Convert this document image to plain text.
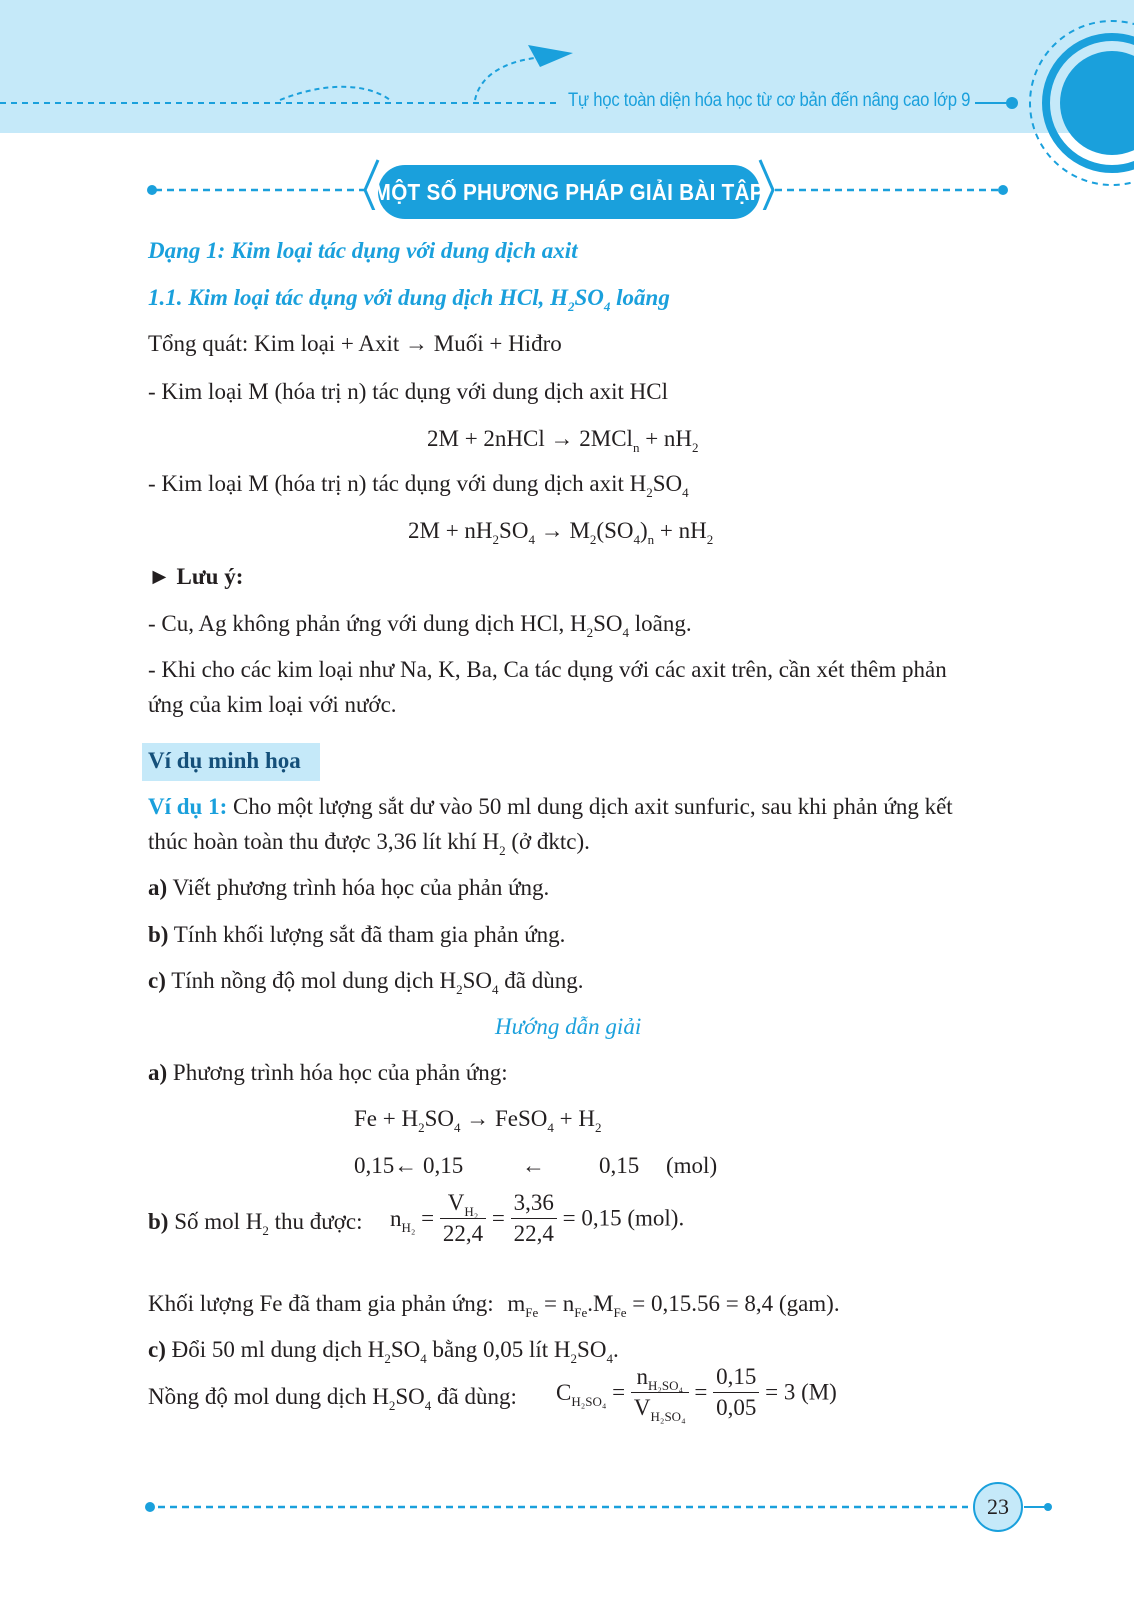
Tự học toàn diện hóa học từ cơ bản đến nâng cao lớp 9
MỘT SỐ PHƯƠNG PHÁP GIẢI BÀI TẬP
Dạng 1: Kim loại tác dụng với dung dịch axit
1.1. Kim loại tác dụng với dung dịch HCl, $H_2SO_4$ loãng
Tổng quát: Kim loại + Axit → Muối + Hiđro
- Kim loại M (hóa trị n) tác dụng với dung dịch axit HCl
2M + 2nHCl → $2MCl_n + nH_2$
- Kim loại M (hóa trị n) tác dụng với dung dịch axit $H_2SO_4$
$2M + nH_2SO_4 \to M_2(SO_4)_n + nH_2$
► Lưu ý:
- Cu, Ag không phản ứng với dung dịch HCl, $H_2SO_4$ loãng.
- Khi cho các kim loại như Na, K, Ba, Ca tác dụng với các axit trên, cần xét thêm phản
ứng của kim loại với nước.
Ví dụ minh họa
Ví dụ 1: Cho một lượng sắt dư vào 50 ml dung dịch axit sunfuric, sau khi phản ứng kết
thúc hoàn toàn thu được 3,36 lít khí $H_2$ (ở đktc).
a) Viết phương trình hóa học của phản ứng.
b) Tính khối lượng sắt đã tham gia phản ứng.
c) Tính nồng độ mol dung dịch $H_2SO_4$ đã dùng.
Hướng dẫn giải
a) Phương trình hóa học của phản ứng:
$Fe + H_2SO_4$ → FeSO$_4$ + $H_2$
0,15← 0,15	← 0,15 (mol)
b) Số mol $H_2$ thu được: $n_{H_2} = \frac{V_{H_2}}{22,4} = \frac{3,36}{22,4} = 0,15$ (mol).
Khối lượng Fe đã tham gia phản ứng: $m_{Fe} = n_{Fe}.M_{Fe} = 0,15.56 = 8,4$ (gam).
c) Đổi 50 ml dung dịch $H_2SO_4$ bằng 0,05 lít $H_2SO_4$.
Nồng độ mol dung dịch $H_2SO_4$ đã dùng: $C_{H_2SO_4} = \frac{n_{H_2SO_4}}{V_{H_2SO_4}} = \frac{0,15}{0,05} = 3$ (M)
23
